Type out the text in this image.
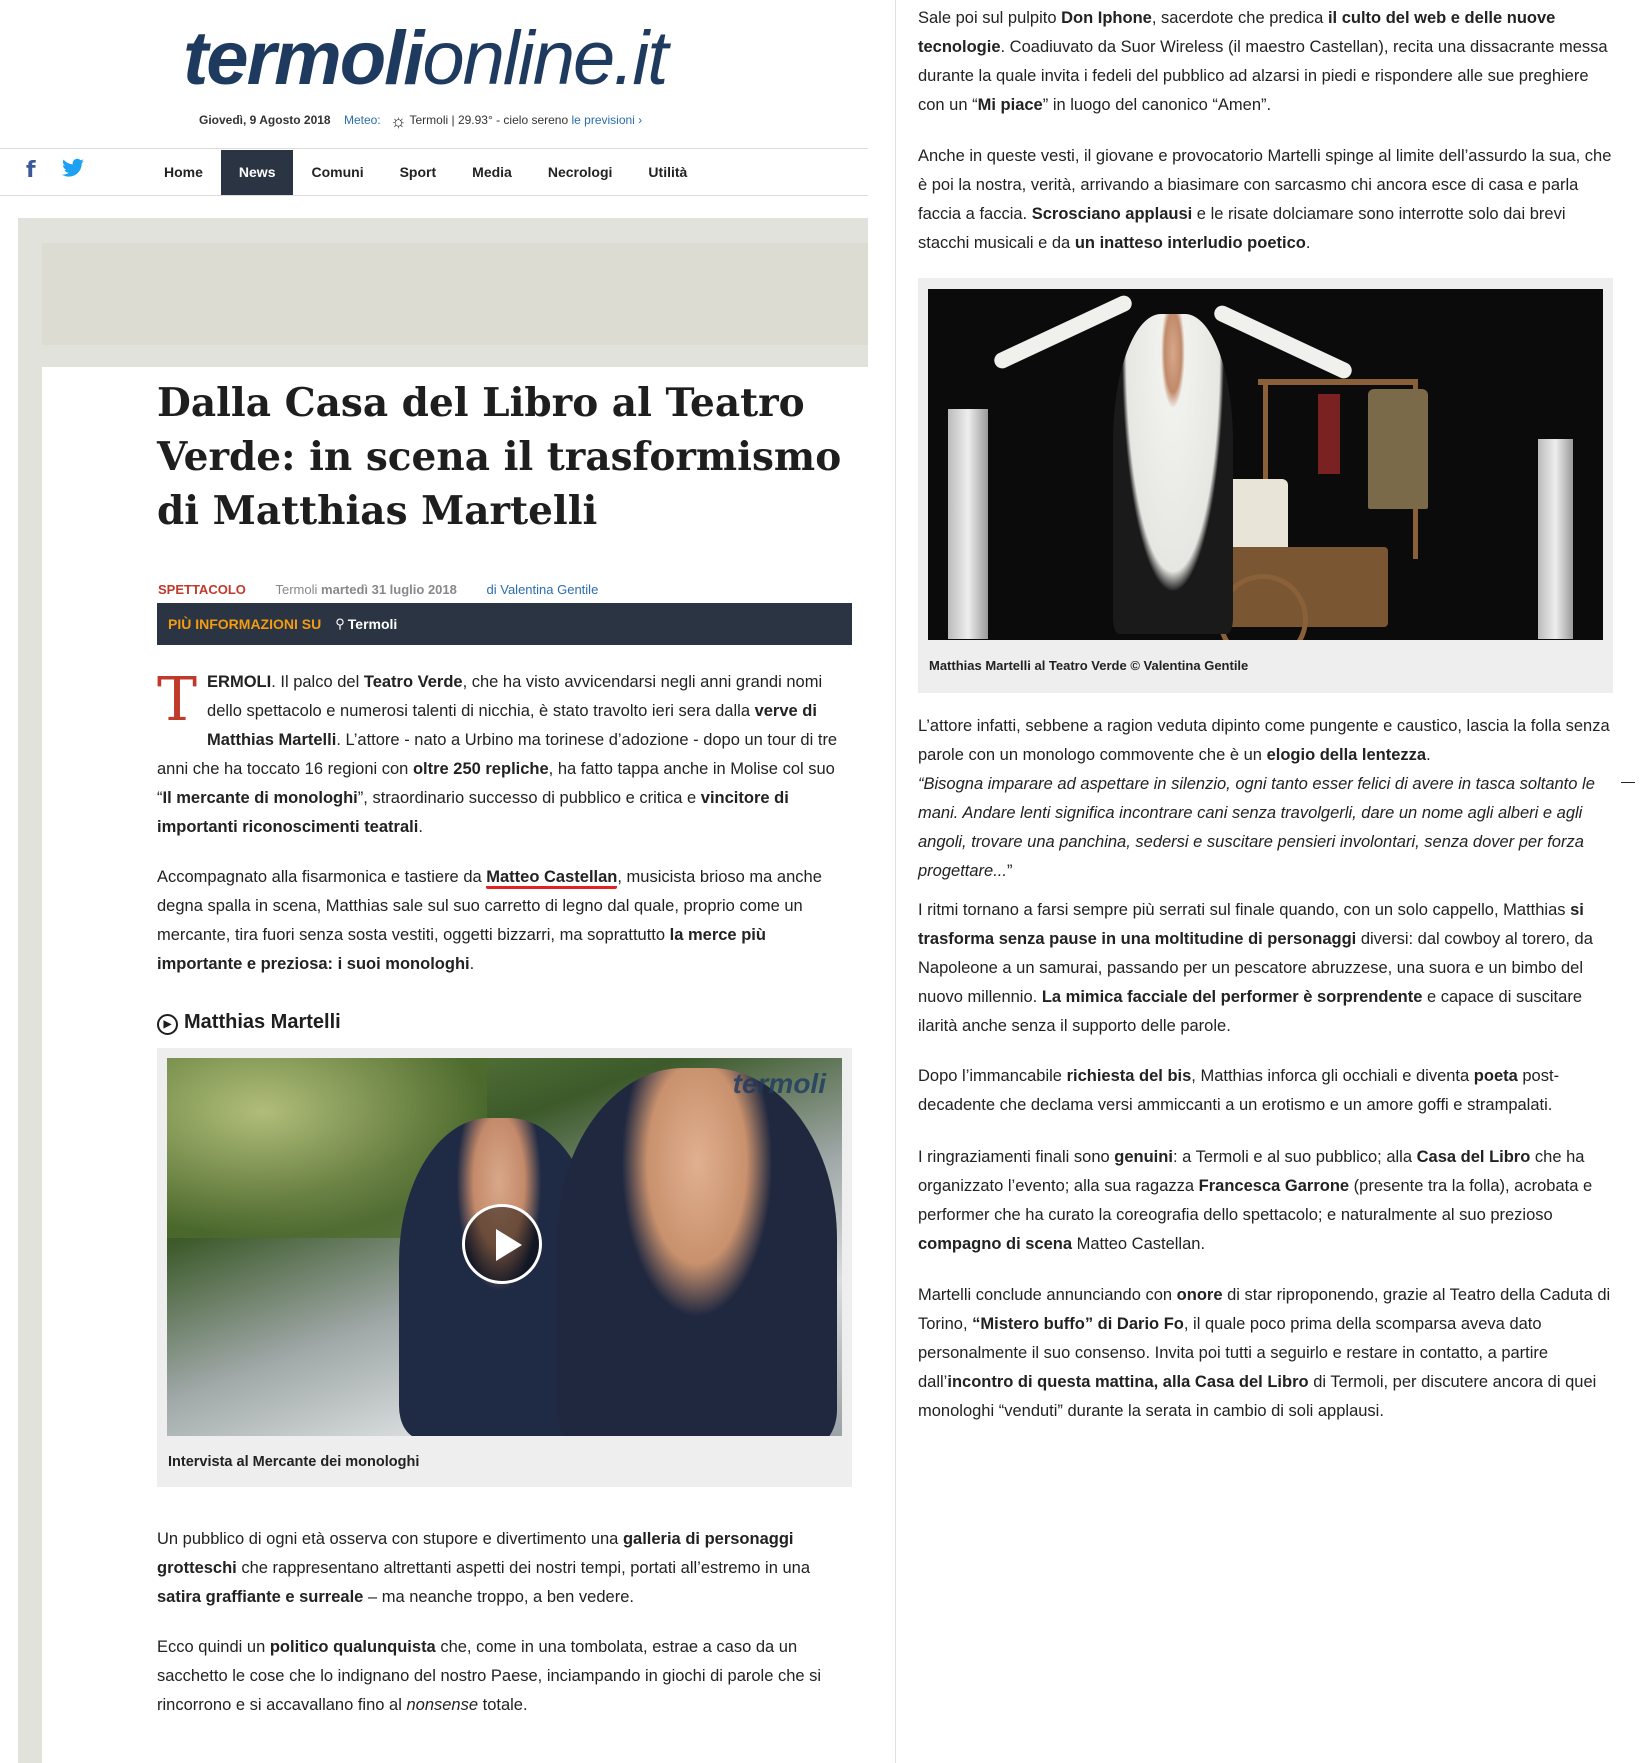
termolionline.it
Giovedì, 9 Agosto 2018 Meteo: ☼ Termoli | 29.93° - cielo sereno le previsioni ›
f	Home	News	Comuni	Sport	Media	Necrologi	Utilità
Dalla Casa del Libro al Teatro Verde: in scena il trasformismo di Matthias Martelli
SPETTACOLO Termoli martedì 31 luglio 2018 di Valentina Gentile
PIÙ INFORMAZIONI SU ⚲ Termoli

TERMOLI. Il palco del Teatro Verde, che ha visto avvicendarsi negli anni grandi nomi dello spettacolo e numerosi talenti di nicchia, è stato travolto ieri sera dalla verve di Matthias Martelli. L’attore - nato a Urbino ma torinese d’adozione - dopo un tour di tre anni che ha toccato 16 regioni con oltre 250 repliche, ha fatto tappa anche in Molise col suo “Il mercante di monologhi”, straordinario successo di pubblico e critica e vincitore di importanti riconoscimenti teatrali.

Accompagnato alla fisarmonica e tastiere da Matteo Castellan, musicista brioso ma anche degna spalla in scena, Matthias sale sul suo carretto di legno dal quale, proprio come un mercante, tira fuori senza sosta vestiti, oggetti bizzarri, ma soprattutto la merce più importante e preziosa: i suoi monologhi.

▶ Matthias Martelli
termoli
Intervista al Mercante dei monologhi

Un pubblico di ogni età osserva con stupore e divertimento una galleria di personaggi grotteschi che rappresentano altrettanti aspetti dei nostri tempi, portati all’estremo in una satira graffiante e surreale – ma neanche troppo, a ben vedere.

Ecco quindi un politico qualunquista che, come in una tombolata, estrae a caso da un sacchetto le cose che lo indignano del nostro Paese, inciampando in giochi di parole che si rincorrono e si accavallano fino al nonsense totale.

Sale poi sul pulpito Don Iphone, sacerdote che predica il culto del web e delle nuove tecnologie. Coadiuvato da Suor Wireless (il maestro Castellan), recita una dissacrante messa durante la quale invita i fedeli del pubblico ad alzarsi in piedi e rispondere alle sue preghiere con un “Mi piace” in luogo del canonico “Amen”.

Anche in queste vesti, il giovane e provocatorio Martelli spinge al limite dell’assurdo la sua, che è poi la nostra, verità, arrivando a biasimare con sarcasmo chi ancora esce di casa e parla faccia a faccia. Scrosciano applausi e le risate dolciamare sono interrotte solo dai brevi stacchi musicali e da un inatteso interludio poetico.

Matthias Martelli al Teatro Verde © Valentina Gentile

L’attore infatti, sebbene a ragion veduta dipinto come pungente e caustico, lascia la folla senza parole con un monologo commovente che è un elogio della lentezza.
“Bisogna imparare ad aspettare in silenzio, ogni tanto esser felici di avere in tasca soltanto le mani. Andare lenti significa incontrare cani senza travolgerli, dare un nome agli alberi e agli angoli, trovare una panchina, sedersi e suscitare pensieri involontari, senza dover per forza progettare...”

I ritmi tornano a farsi sempre più serrati sul finale quando, con un solo cappello, Matthias si trasforma senza pause in una moltitudine di personaggi diversi: dal cowboy al torero, da Napoleone a un samurai, passando per un pescatore abruzzese, una suora e un bimbo del nuovo millennio. La mimica facciale del performer è sorprendente e capace di suscitare ilarità anche senza il supporto delle parole.

Dopo l’immancabile richiesta del bis, Matthias inforca gli occhiali e diventa poeta post-decadente che declama versi ammiccanti a un erotismo e un amore goffi e strampalati.

I ringraziamenti finali sono genuini: a Termoli e al suo pubblico; alla Casa del Libro che ha organizzato l’evento; alla sua ragazza Francesca Garrone (presente tra la folla), acrobata e performer che ha curato la coreografia dello spettacolo; e naturalmente al suo prezioso compagno di scena Matteo Castellan.

Martelli conclude annunciando con onore di star riproponendo, grazie al Teatro della Caduta di Torino, “Mistero buffo” di Dario Fo, il quale poco prima della scomparsa aveva dato personalmente il suo consenso. Invita poi tutti a seguirlo e restare in contatto, a partire dall’incontro di questa mattina, alla Casa del Libro di Termoli, per discutere ancora di quei monologhi “venduti” durante la serata in cambio di soli applausi.
